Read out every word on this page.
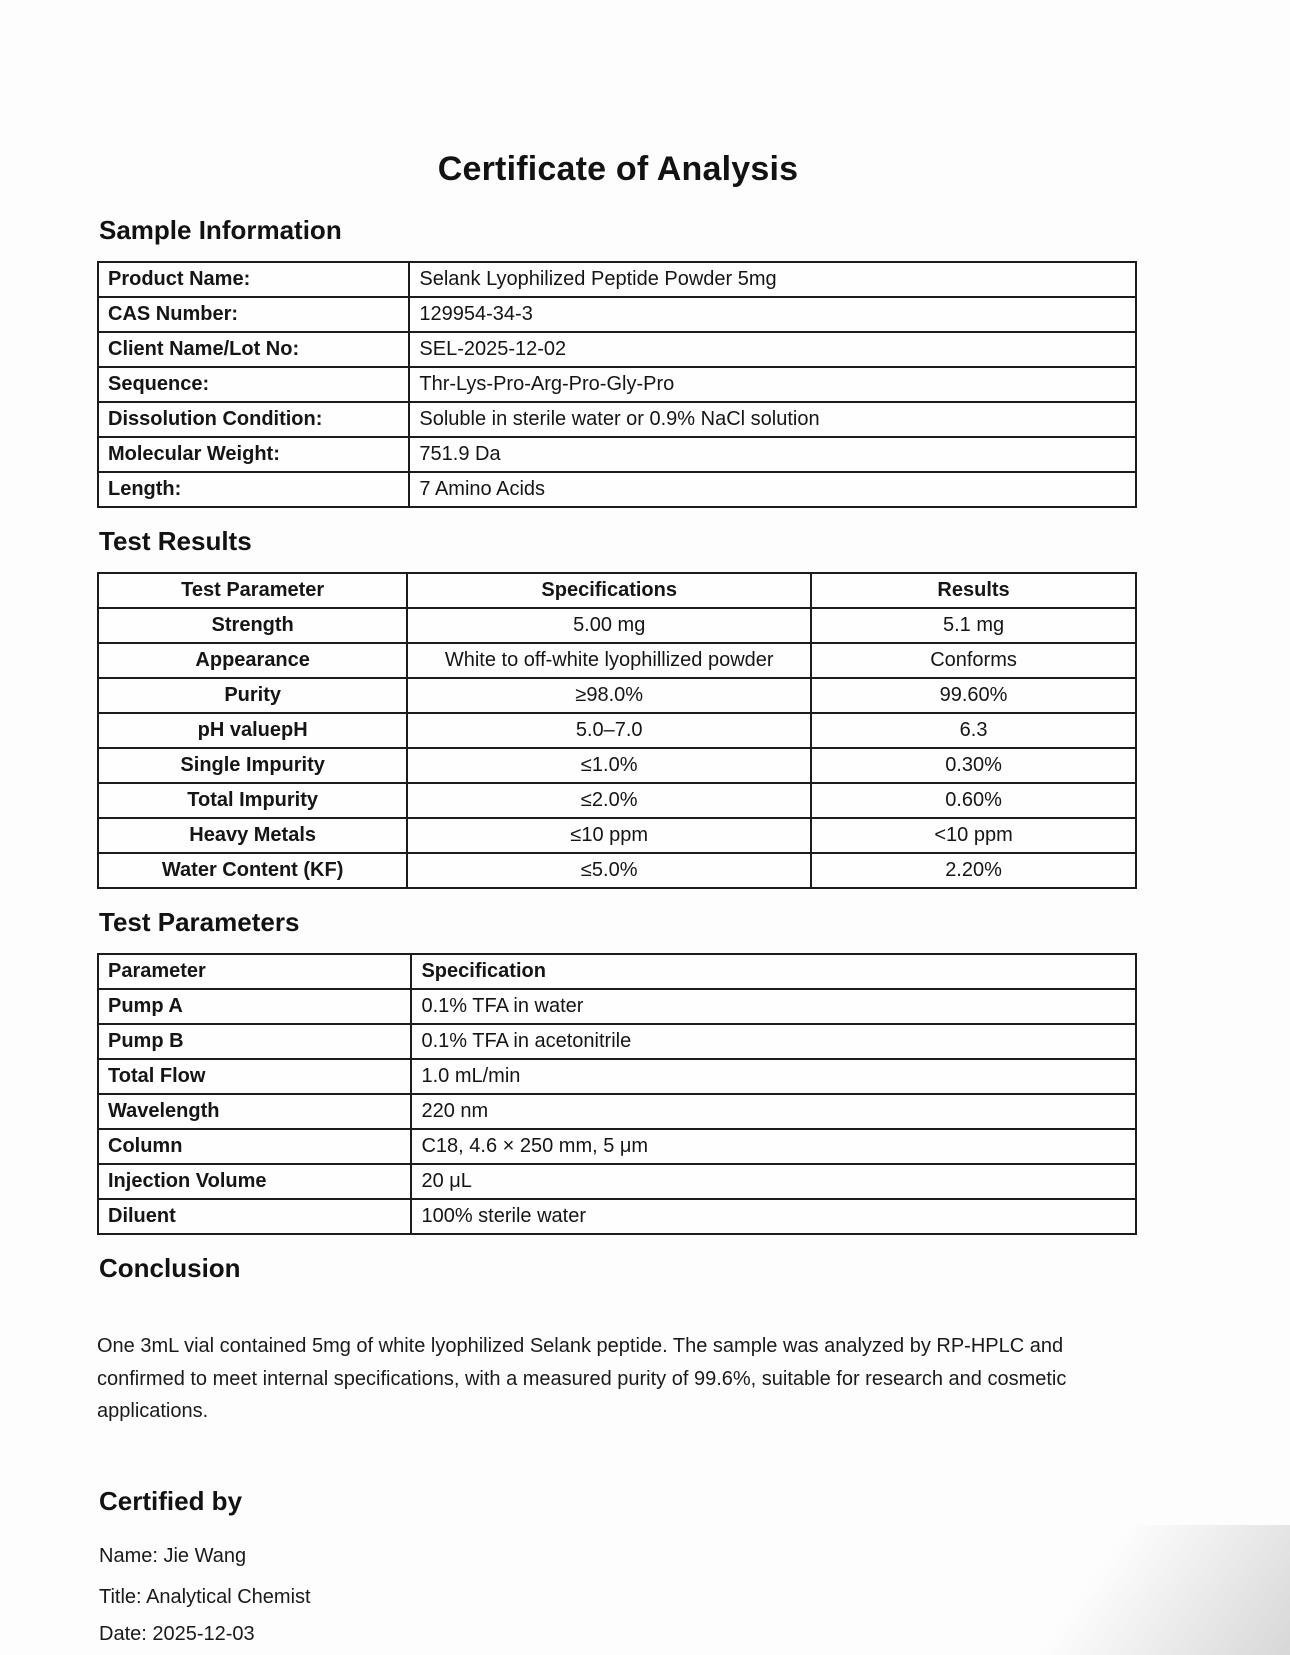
Certificate of Analysis
Sample Information
Product Name:	Selank Lyophilized Peptide Powder 5mg
CAS Number:	129954-34-3
Client Name/Lot No:	SEL-2025-12-02
Sequence:	Thr-Lys-Pro-Arg-Pro-Gly-Pro
Dissolution Condition:	Soluble in sterile water or 0.9% NaCl solution
Molecular Weight:	751.9 Da
Length:	7 Amino Acids
Test Results
Test Parameter	Specifications	Results
Strength	5.00 mg	5.1 mg
Appearance	White to off-white lyophillized powder	Conforms
Purity	≥98.0%	99.60%
pH valuepH	5.0–7.0	6.3
Single Impurity	≤1.0%	0.30%
Total Impurity	≤2.0%	0.60%
Heavy Metals	≤10 ppm	<10 ppm
Water Content (KF)	≤5.0%	2.20%
Test Parameters
Parameter	Specification
Pump A	0.1% TFA in water
Pump B	0.1% TFA in acetonitrile
Total Flow	1.0 mL/min
Wavelength	220 nm
Column	C18, 4.6 × 250 mm, 5 μm
Injection Volume	20 μL
Diluent	100% sterile water
Conclusion

One 3mL vial contained 5mg of white lyophilized Selank peptide. The sample was analyzed by RP-HPLC and confirmed to meet internal specifications, with a measured purity of 99.6%, suitable for research and cosmetic applications.

Certified by

Name: Jie Wang

Title: Analytical Chemist

Date: 2025-12-03
